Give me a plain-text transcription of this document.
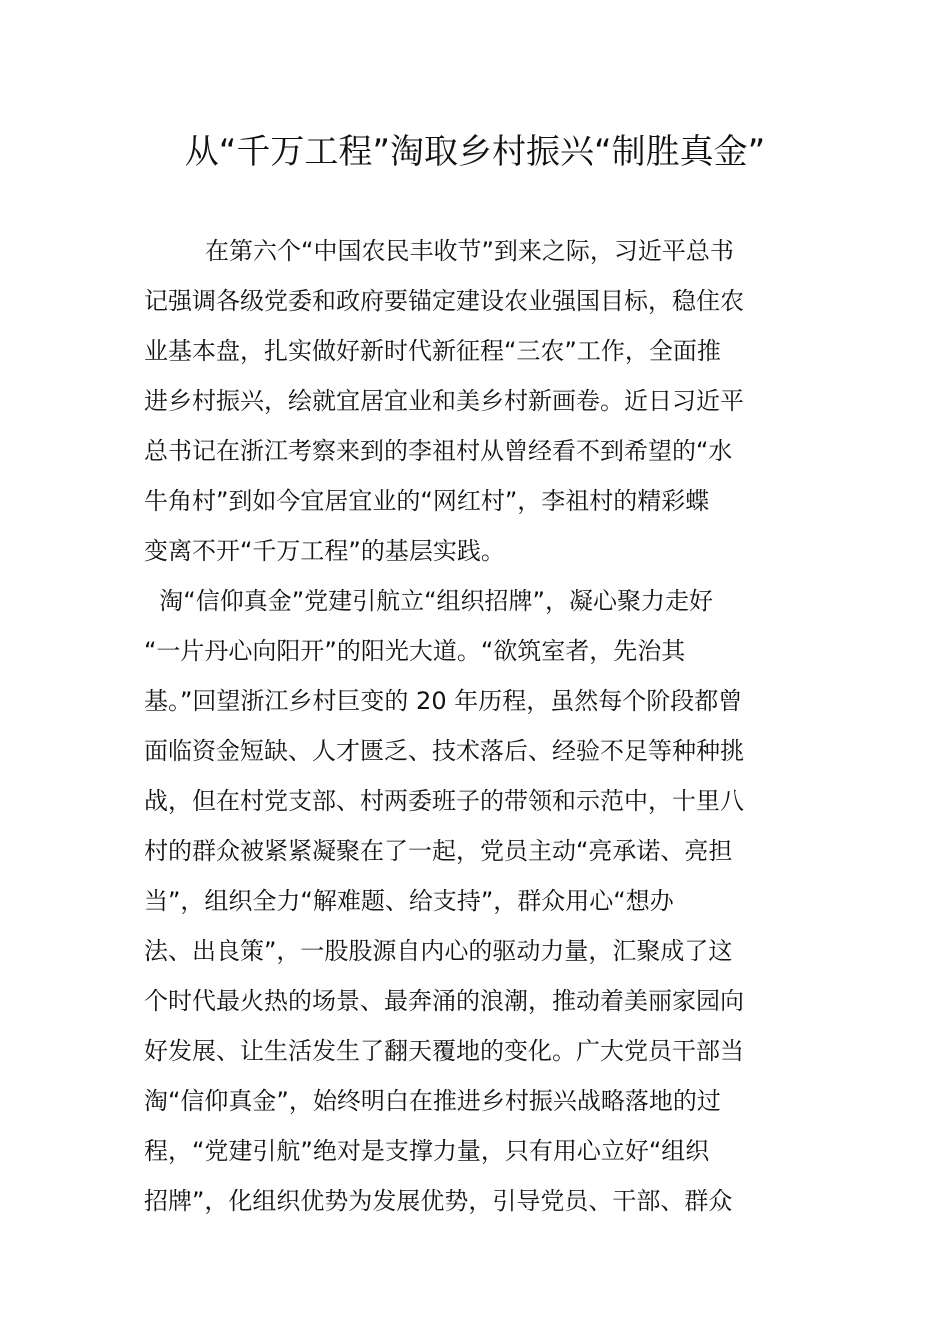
从“千万工程”淘取乡村振兴“制胜真金”
在第六个“中国农民丰收节”到来之际，习近平总书
记强调各级党委和政府要锚定建设农业强国目标，稳住农
业基本盘，扎实做好新时代新征程“三农”工作，全面推
进乡村振兴，绘就宜居宜业和美乡村新画卷。近日习近平
总书记在浙江考察来到的李祖村从曾经看不到希望的“水
牛角村”到如今宜居宜业的“网红村”，李祖村的精彩蝶
变离不开“千万工程”的基层实践。
淘“信仰真金”党建引航立“组织招牌”，凝心聚力走好
“一片丹心向阳开”的阳光大道。“欲筑室者，先治其
基。”回望浙江乡村巨变的 20 年历程，虽然每个阶段都曾
面临资金短缺、人才匮乏、技术落后、经验不足等种种挑
战，但在村党支部、村两委班子的带领和示范中，十里八
村的群众被紧紧凝聚在了一起，党员主动“亮承诺、亮担
当”，组织全力“解难题、给支持”，群众用心“想办
法、出良策”，一股股源自内心的驱动力量，汇聚成了这
个时代最火热的场景、最奔涌的浪潮，推动着美丽家园向
好发展、让生活发生了翻天覆地的变化。广大党员干部当
淘“信仰真金”，始终明白在推进乡村振兴战略落地的过
程，“党建引航”绝对是支撑力量，只有用心立好“组织
招牌”，化组织优势为发展优势，引导党员、干部、群众
